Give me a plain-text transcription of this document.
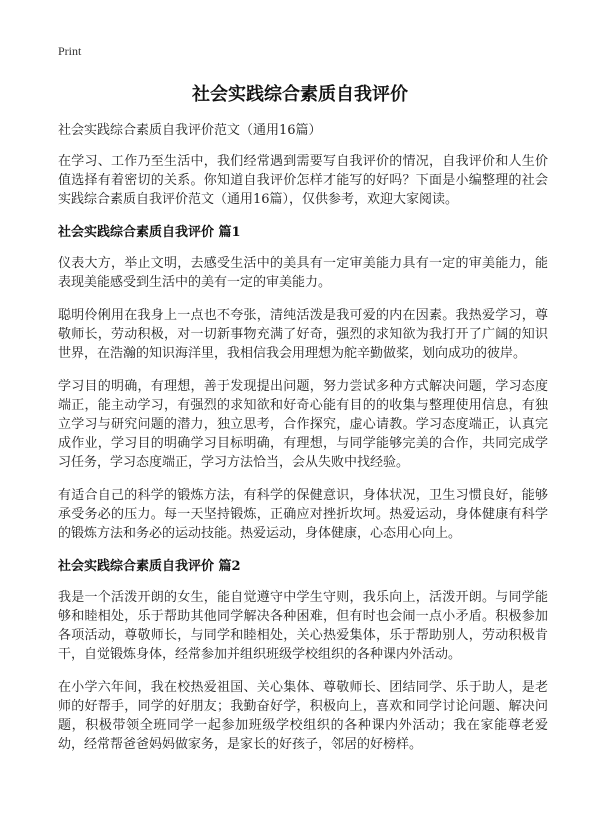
Print
社会实践综合素质自我评价

社会实践综合素质自我评价范文（通用16篇）

在学习、工作乃至生活中，我们经常遇到需要写自我评价的情况，自我评价和人生价值选择有着密切的关系。你知道自我评价怎样才能写的好吗？下面是小编整理的社会实践综合素质自我评价范文（通用16篇），仅供参考，欢迎大家阅读。

社会实践综合素质自我评价 篇1

仪表大方，举止文明，去感受生活中的美具有一定审美能力具有一定的审美能力，能表现美能感受到生活中的美有一定的审美能力。

聪明伶俐用在我身上一点也不夸张，清纯活泼是我可爱的内在因素。我热爱学习，尊敬师长，劳动积极，对一切新事物充满了好奇，强烈的求知欲为我打开了广阔的知识世界，在浩瀚的知识海洋里，我相信我会用理想为舵辛勤做桨，划向成功的彼岸。

学习目的明确，有理想，善于发现提出问题，努力尝试多种方式解决问题，学习态度端正，能主动学习，有强烈的求知欲和好奇心能有目的的收集与整理使用信息，有独立学习与研究问题的潜力，独立思考，合作探究，虚心请教。学习态度端正，认真完成作业，学习目的明确学习目标明确，有理想，与同学能够完美的合作，共同完成学习任务，学习态度端正，学习方法恰当，会从失败中找经验。

有适合自己的科学的锻炼方法，有科学的保健意识，身体状况，卫生习惯良好，能够承受务必的压力。每一天坚持锻炼，正确应对挫折坎坷。热爱运动，身体健康有科学的锻炼方法和务必的运动技能。热爱运动，身体健康，心态用心向上。

社会实践综合素质自我评价 篇2

我是一个活泼开朗的女生，能自觉遵守中学生守则，我乐向上，活泼开朗。与同学能够和睦相处，乐于帮助其他同学解决各种困难，但有时也会闹一点小矛盾。积极参加各项活动，尊敬师长，与同学和睦相处，关心热爱集体，乐于帮助别人，劳动积极肯干，自觉锻炼身体，经常参加并组织班级学校组织的各种课内外活动。

在小学六年间，我在校热爱祖国、关心集体、尊敬师长、团结同学、乐于助人，是老师的好帮手，同学的好朋友；我勤奋好学，积极向上，喜欢和同学讨论问题、解决问题，积极带领全班同学一起参加班级学校组织的各种课内外活动；我在家能尊老爱幼，经常帮爸爸妈妈做家务，是家长的好孩子，邻居的好榜样。
